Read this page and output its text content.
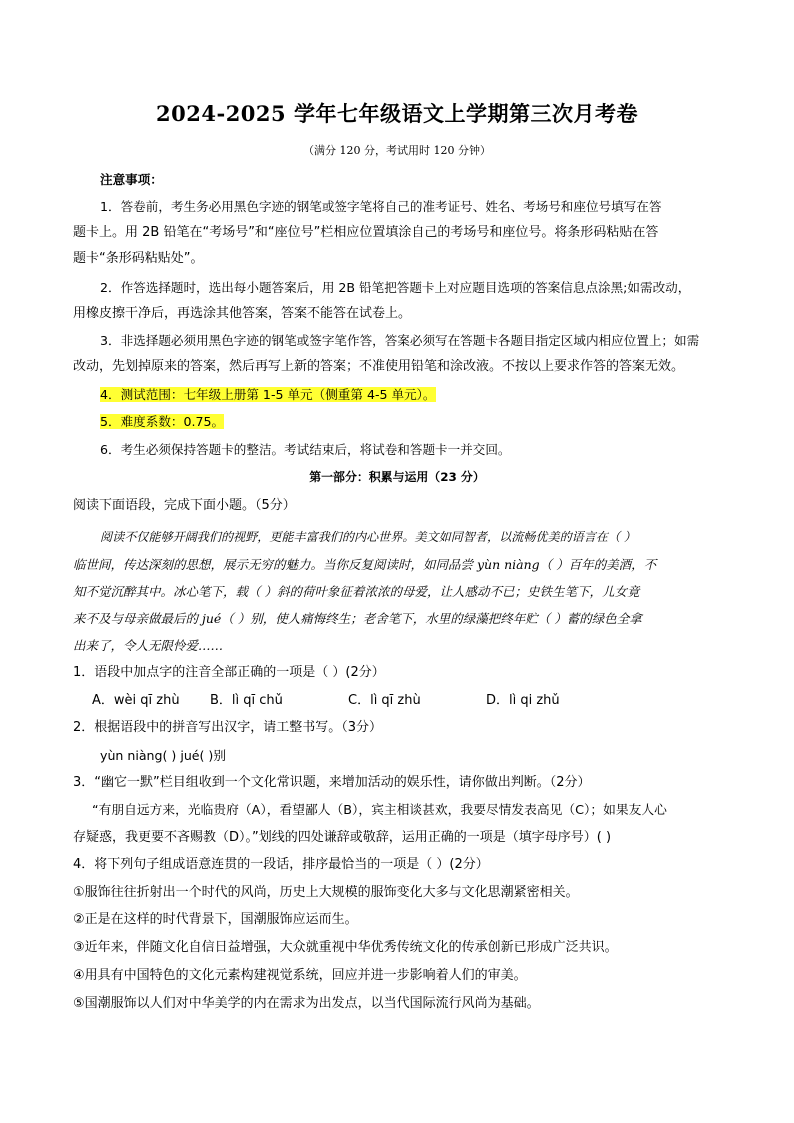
2024-2025 学年七年级语文上学期第三次月考卷
（满分 120 分，考试用时 120 分钟）
注意事项：
1．答卷前，考生务必用黑色字迹的钢笔或签字笔将自己的准考证号、姓名、考场号和座位号填写在答
题卡上。用 2B 铅笔在“考场号”和“座位号”栏相应位置填涂自己的考场号和座位号。将条形码粘贴在答
题卡“条形码粘贴处”。
2．作答选择题时，选出每小题答案后，用 2B 铅笔把答题卡上对应题目选项的答案信息点涂黑;如需改动，
用橡皮擦干净后，再选涂其他答案，答案不能答在试卷上。
3．非选择题必须用黑色字迹的钢笔或签字笔作答，答案必须写在答题卡各题目指定区域内相应位置上；如需
改动，先划掉原来的答案，然后再写上新的答案；不准使用铅笔和涂改液。不按以上要求作答的答案无效。
4．测试范围：七年级上册第 1-5 单元（侧重第 4-5 单元）。
5．难度系数：0.75。
6．考生必须保持答题卡的整洁。考试结束后，将试卷和答题卡一并交回。
第一部分：积累与运用（23 分）
阅读下面语段，完成下面小题。（5分）
阅读不仅能够开阔我们的视野，更能丰富我们的内心世界。美文如同智者，以流畅优美的语言在（ ）
临世间，传达深刻的思想，展示无穷的魅力。当你反复阅读时，如同品尝 yùn niàng（ ）百年的美酒，不
知不觉沉醉其中。冰心笔下，载（ ）斜的荷叶象征着浓浓的母爱，让人感动不已；史铁生笔下，儿女竟
来不及与母亲做最后的 jué（ ）别，使人痛悔终生；老舍笔下，水里的绿藻把终年贮（ ）蓄的绿色全拿
出来了，令人无限怜爱……
1．语段中加点字的注音全部正确的一项是（ ）(2分）
A．wèi qī zhù B．lì qī chǔ	C．lì qī zhù	D．lì qi zhǔ
2．根据语段中的拼音写出汉字，请工整书写。（3分）
yùn niàng( ) jué( )别
3．“幽它一默”栏目组收到一个文化常识题，来增加活动的娱乐性，请你做出判断。（2分）
“有朋自远方来，光临贵府（A），看望鄙人（B），宾主相谈甚欢，我要尽情发表高见（C）；如果友人心
存疑惑，我更要不吝赐教（D）。”划线的四处谦辞或敬辞，运用正确的一项是（填字母序号）( )
4．将下列句子组成语意连贯的一段话，排序最恰当的一项是（ ）(2分）
①服饰往往折射出一个时代的风尚，历史上大规模的服饰变化大多与文化思潮紧密相关。
②正是在这样的时代背景下，国潮服饰应运而生。
③近年来，伴随文化自信日益增强，大众就重视中华优秀传统文化的传承创新已形成广泛共识。
④用具有中国特色的文化元素构建视觉系统，回应并进一步影响着人们的审美。
⑤国潮服饰以人们对中华美学的内在需求为出发点，以当代国际流行风尚为基础。
